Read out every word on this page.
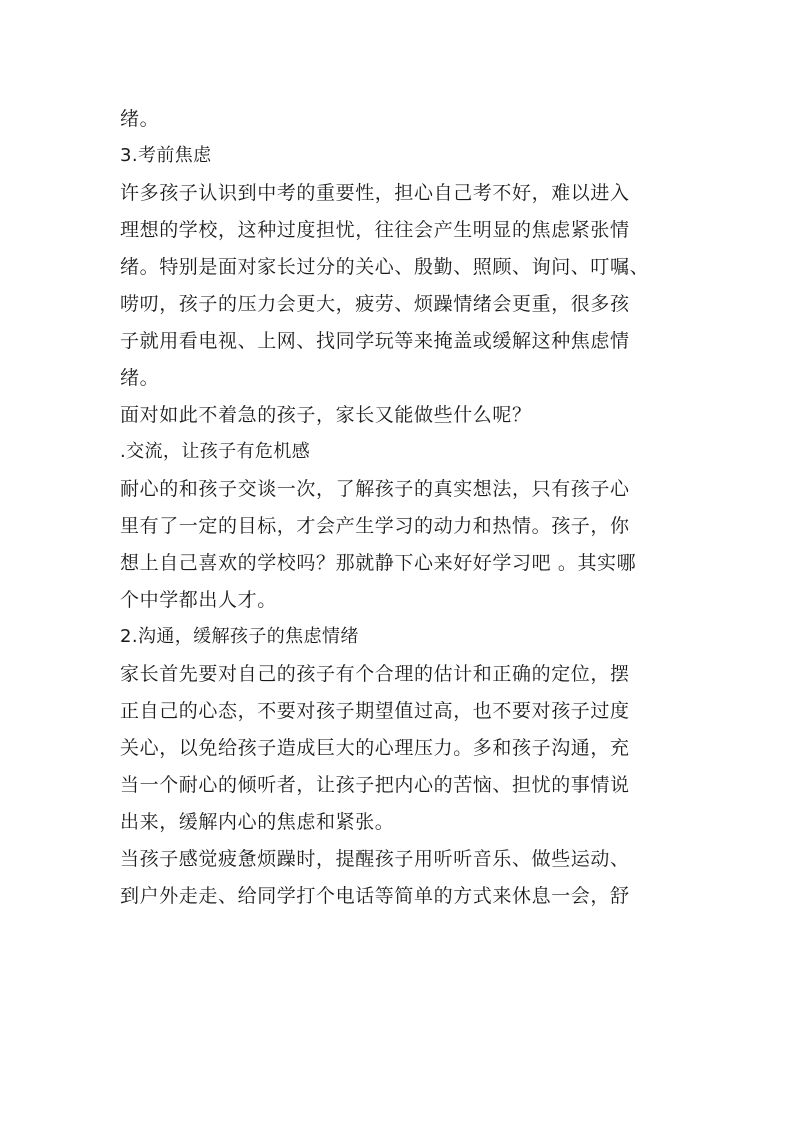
绪。

3.考前焦虑

许多孩子认识到中考的重要性，担心自己考不好，难以进入

理想的学校，这种过度担忧，往往会产生明显的焦虑紧张情

绪。特别是面对家长过分的关心、殷勤、照顾、询问、叮嘱、

唠叨，孩子的压力会更大，疲劳、烦躁情绪会更重，很多孩

子就用看电视、上网、找同学玩等来掩盖或缓解这种焦虑情

绪。

面对如此不着急的孩子，家长又能做些什么呢？

.交流，让孩子有危机感

耐心的和孩子交谈一次，了解孩子的真实想法，只有孩子心

里有了一定的目标，才会产生学习的动力和热情。孩子，你

想上自己喜欢的学校吗？那就静下心来好好学习吧 。其实哪

个中学都出人才。

2.沟通，缓解孩子的焦虑情绪

家长首先要对自己的孩子有个合理的估计和正确的定位，摆

正自己的心态，不要对孩子期望值过高，也不要对孩子过度

关心，以免给孩子造成巨大的心理压力。多和孩子沟通，充

当一个耐心的倾听者，让孩子把内心的苦恼、担忧的事情说

出来，缓解内心的焦虑和紧张。

当孩子感觉疲惫烦躁时，提醒孩子用听听音乐、做些运动、

到户外走走、给同学打个电话等简单的方式来休息一会，舒
